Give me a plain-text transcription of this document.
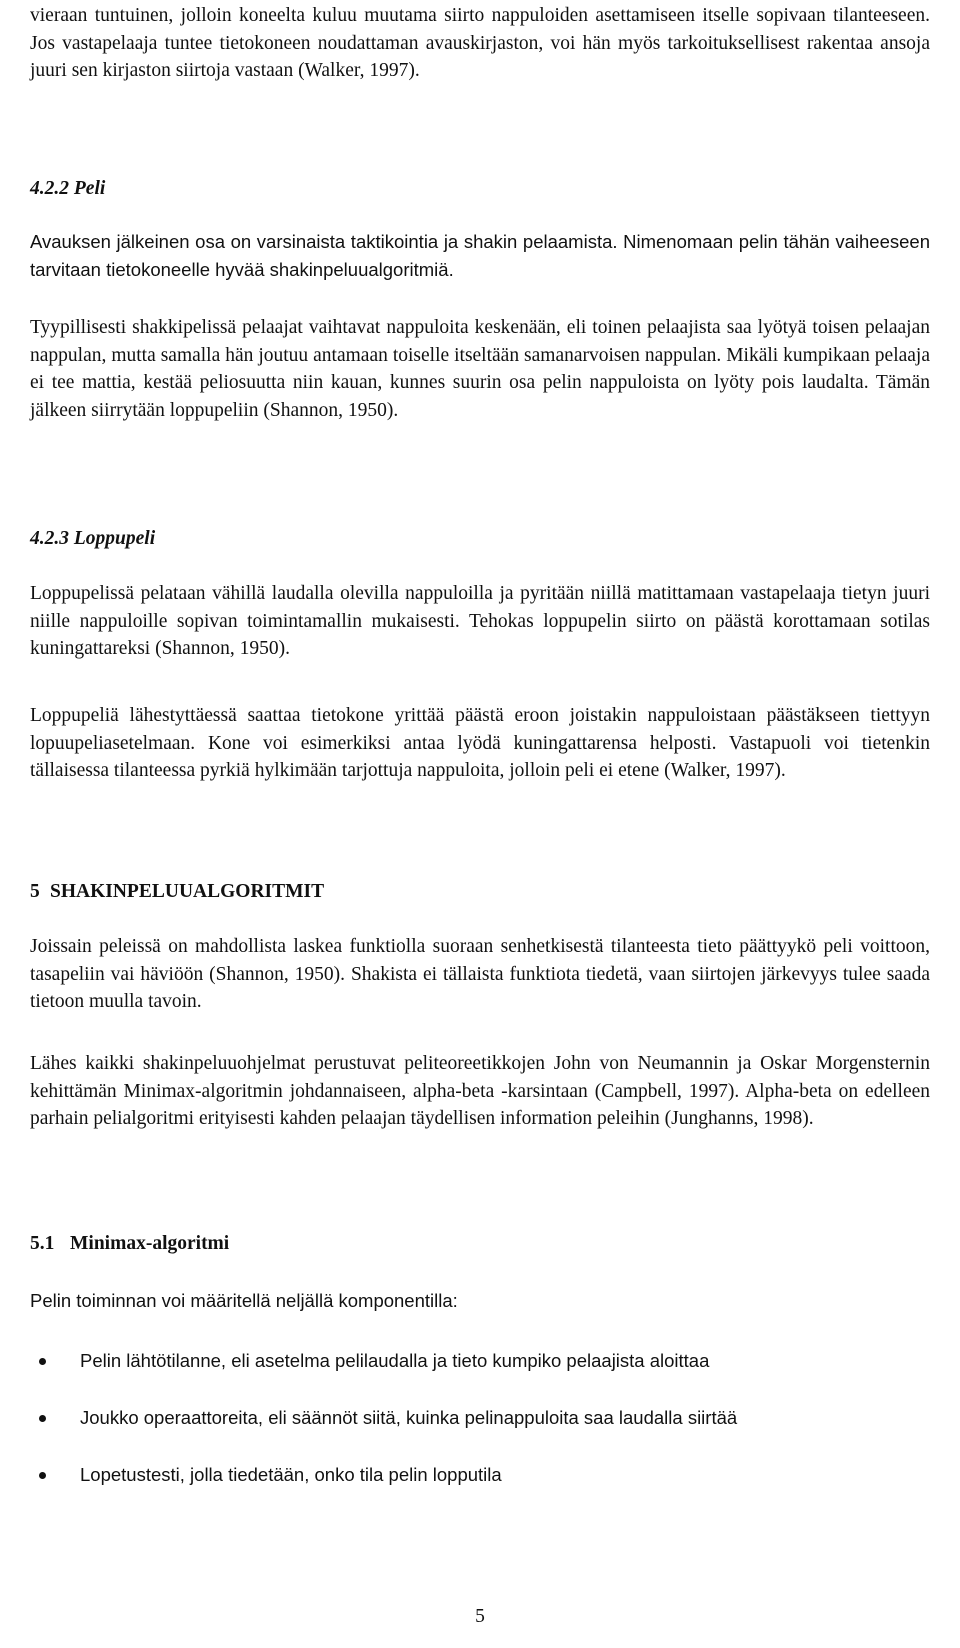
vieraan tuntuinen, jolloin koneelta kuluu muutama siirto nappuloiden asettamiseen itselle sopivaan tilanteeseen. Jos vastapelaaja tuntee tietokoneen noudattaman avauskirjaston, voi hän myös tarkoituksellisest rakentaa ansoja juuri sen kirjaston siirtoja vastaan (Walker, 1997).

4.2.2 Peli

Avauksen jälkeinen osa on varsinaista taktikointia ja shakin pelaamista. Nimenomaan pelin tähän vaiheeseen tarvitaan tietokoneelle hyvää shakinpeluualgoritmiä.

Tyypillisesti shakkipelissä pelaajat vaihtavat nappuloita keskenään, eli toinen pelaajista saa lyötyä toisen pelaajan nappulan, mutta samalla hän joutuu antamaan toiselle itseltään samanarvoisen nappulan. Mikäli kumpikaan pelaaja ei tee mattia, kestää peliosuutta niin kauan, kunnes suurin osa pelin nappuloista on lyöty pois laudalta. Tämän jälkeen siirrytään loppupeliin (Shannon, 1950).

4.2.3 Loppupeli

Loppupelissä pelataan vähillä laudalla olevilla nappuloilla ja pyritään niillä matittamaan vastapelaaja tietyn juuri niille nappuloille sopivan toimintamallin mukaisesti. Tehokas loppupelin siirto on päästä korottamaan sotilas kuningattareksi (Shannon, 1950).

Loppupeliä lähestyttäessä saattaa tietokone yrittää päästä eroon joistakin nappuloistaan päästäkseen tiettyyn lopuupeliasetelmaan. Kone voi esimerkiksi antaa lyödä kuningattarensa helposti. Vastapuoli voi tietenkin tällaisessa tilanteessa pyrkiä hylkimään tarjottuja nappuloita, jolloin peli ei etene (Walker, 1997).

5 SHAKINPELUUALGORITMIT

Joissain peleissä on mahdollista laskea funktiolla suoraan senhetkisestä tilanteesta tieto päättyykö peli voittoon, tasapeliin vai häviöön (Shannon, 1950). Shakista ei tällaista funktiota tiedetä, vaan siirtojen järkevyys tulee saada tietoon muulla tavoin.

Lähes kaikki shakinpeluuohjelmat perustuvat peliteoreetikkojen John von Neumannin ja Oskar Morgensternin kehittämän Minimax-algoritmin johdannaiseen, alpha-beta -karsintaan (Campbell, 1997). Alpha-beta on edelleen parhain pelialgoritmi erityisesti kahden pelaajan täydellisen information peleihin (Junghanns, 1998).

5.1 Minimax-algoritmi

Pelin toiminnan voi määritellä neljällä komponentilla:

Pelin lähtötilanne, eli asetelma pelilaudalla ja tieto kumpiko pelaajista aloittaa
Joukko operaattoreita, eli säännöt siitä, kuinka pelinappuloita saa laudalla siirtää
Lopetustesti, jolla tiedetään, onko tila pelin lopputila

5
